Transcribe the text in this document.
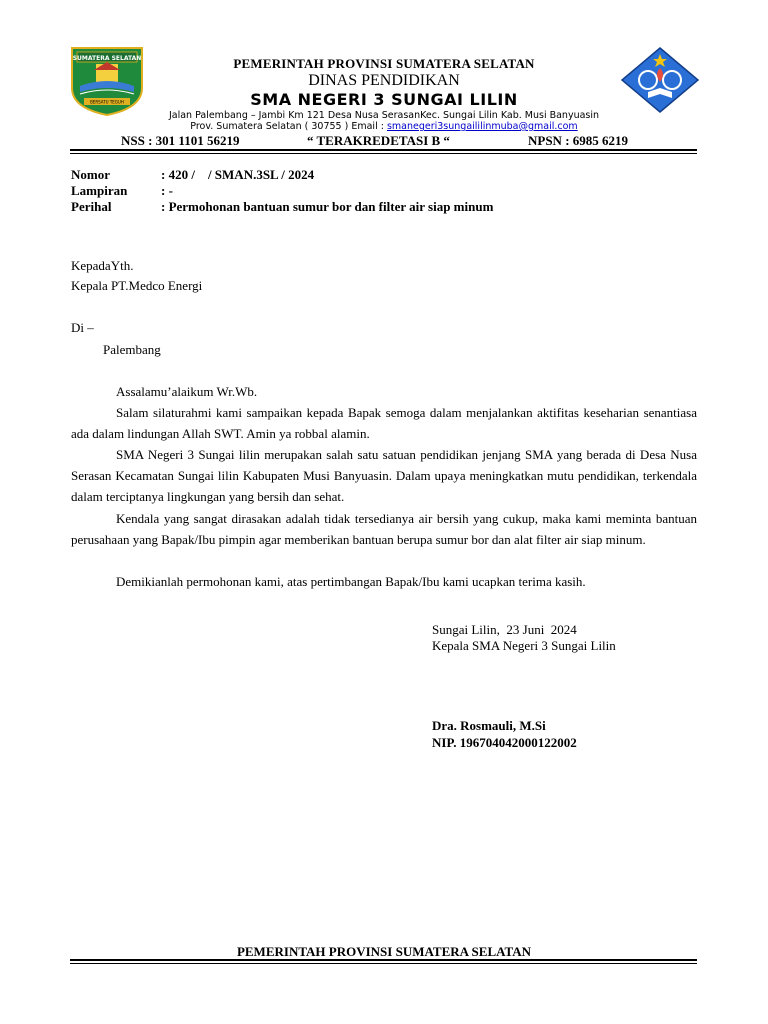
SUMATERA SELATAN
BERSATU TEGUH
PEMERINTAH PROVINSI SUMATERA SELATAN
DINAS PENDIDIKAN
SMA NEGERI 3 SUNGAI LILIN
Jalan Palembang – Jambi Km 121 Desa Nusa SerasanKec. Sungai Lilin Kab. Musi Banyuasin
Prov. Sumatera Selatan ( 30755 ) Email : smanegeri3sungaililinmuba@gmail.com
NSS : 301 1101 56219	“ TERAKREDETASI B “	NPSN : 6985 6219
Nomor	: 420 /    / SMAN.3SL / 2024
Lampiran	: -
Perihal	: Permohonan bantuan sumur bor dan filter air siap minum
KepadaYth.
Kepala PT.Medco Energi
Di –
Palembang
Assalamu’alaikum Wr.Wb.
Salam silaturahmi kami sampaikan kepada Bapak semoga dalam menjalankan aktifitas keseharian senantiasa ada dalam lindungan Allah SWT. Amin ya robbal alamin.
SMA Negeri 3 Sungai lilin merupakan salah satu satuan pendidikan jenjang SMA yang berada di Desa Nusa Serasan Kecamatan Sungai lilin Kabupaten Musi Banyuasin. Dalam upaya meningkatkan mutu pendidikan, terkendala dalam terciptanya lingkungan yang bersih dan sehat.
Kendala yang sangat dirasakan adalah tidak tersedianya air bersih yang cukup, maka kami meminta bantuan perusahaan yang Bapak/Ibu pimpin agar memberikan bantuan berupa sumur bor dan alat filter air siap minum.
Demikianlah permohonan kami, atas pertimbangan Bapak/Ibu kami ucapkan terima kasih.
Sungai Lilin,  23 Juni  2024
Kepala SMA Negeri 3 Sungai Lilin
Dra. Rosmauli, M.Si
NIP. 196704042000122002
PEMERINTAH PROVINSI SUMATERA SELATAN
